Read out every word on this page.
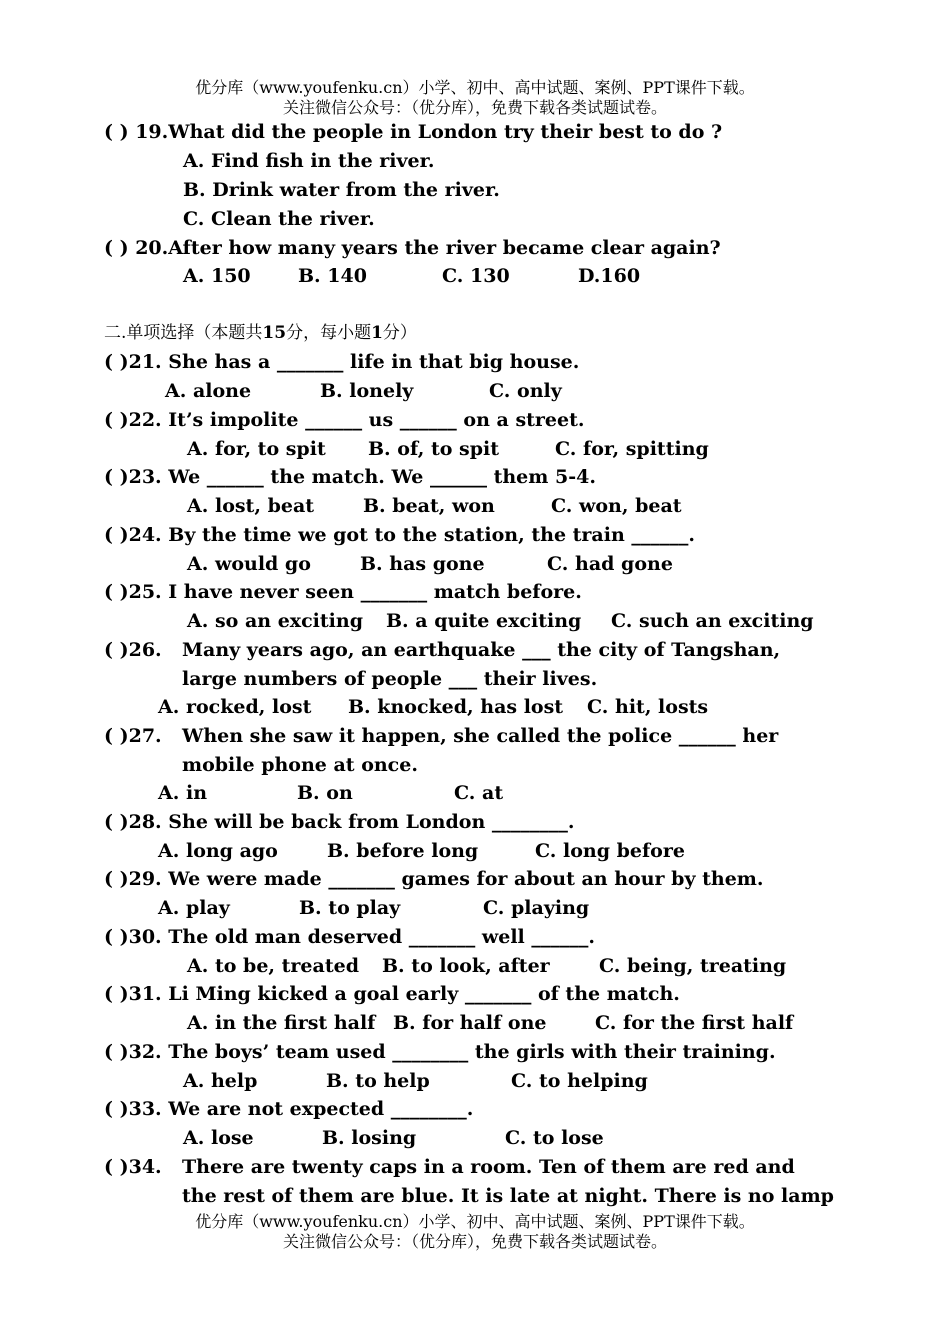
优分库（www.youfenku.cn）小学、初中、高中试题、案例、PPT课件下载。
关注微信公众号：（优分库），免费下载各类试题试卷。
( ) 19.What did the people in London try their best to do ?
A. Find fish in the river.
B. Drink water from the river.
C. Clean the river.
( ) 20.After how many years the river became clear again?
A. 150 B. 140	C. 130	D.160
二.单项选择（本题共15分，每小题1分）
( )21. She has a _______ life in that big house.
A. alone	B. lonely	C. only
( )22. It’s impolite ______ us ______ on a street.
A. for, to spit B. of, to spit	C. for, spitting
( )23. We ______ the match. We ______ them 5-4.
A. lost, beat	B. beat, won	C. won, beat
( )24. By the time we got to the station, the train ______.
A. would go	B. has gone	C. had gone
( )25. I have never seen _______ match before.
A. so an exciting B. a quite exciting C. such an exciting
( )26.	Many years ago, an earthquake ___ the city of Tangshan,
large numbers of people ___ their lives.
A. rocked, lost B. knocked, has lost C. hit, losts
( )27.	When she saw it happen, she called the police ______ her
mobile phone at once.
A. in	B. on	C. at
( )28. She will be back from London ________.
A. long ago	B. before long	C. long before
( )29. We were made _______ games for about an hour by them.
A. play	B. to play	C. playing
( )30. The old man deserved _______ well ______.
A. to be, treated B. to look, after	C. being, treating
( )31. Li Ming kicked a goal early _______ of the match.
A. in the first half B. for half one	C. for the first half
( )32. The boys’ team used ________ the girls with their training.
A. help	B. to help	C. to helping
( )33. We are not expected ________.
A. lose	B. losing	C. to lose
( )34.	There are twenty caps in a room. Ten of them are red and
the rest of them are blue. It is late at night. There is no lamp
优分库（www.youfenku.cn）小学、初中、高中试题、案例、PPT课件下载。
关注微信公众号：（优分库），免费下载各类试题试卷。
